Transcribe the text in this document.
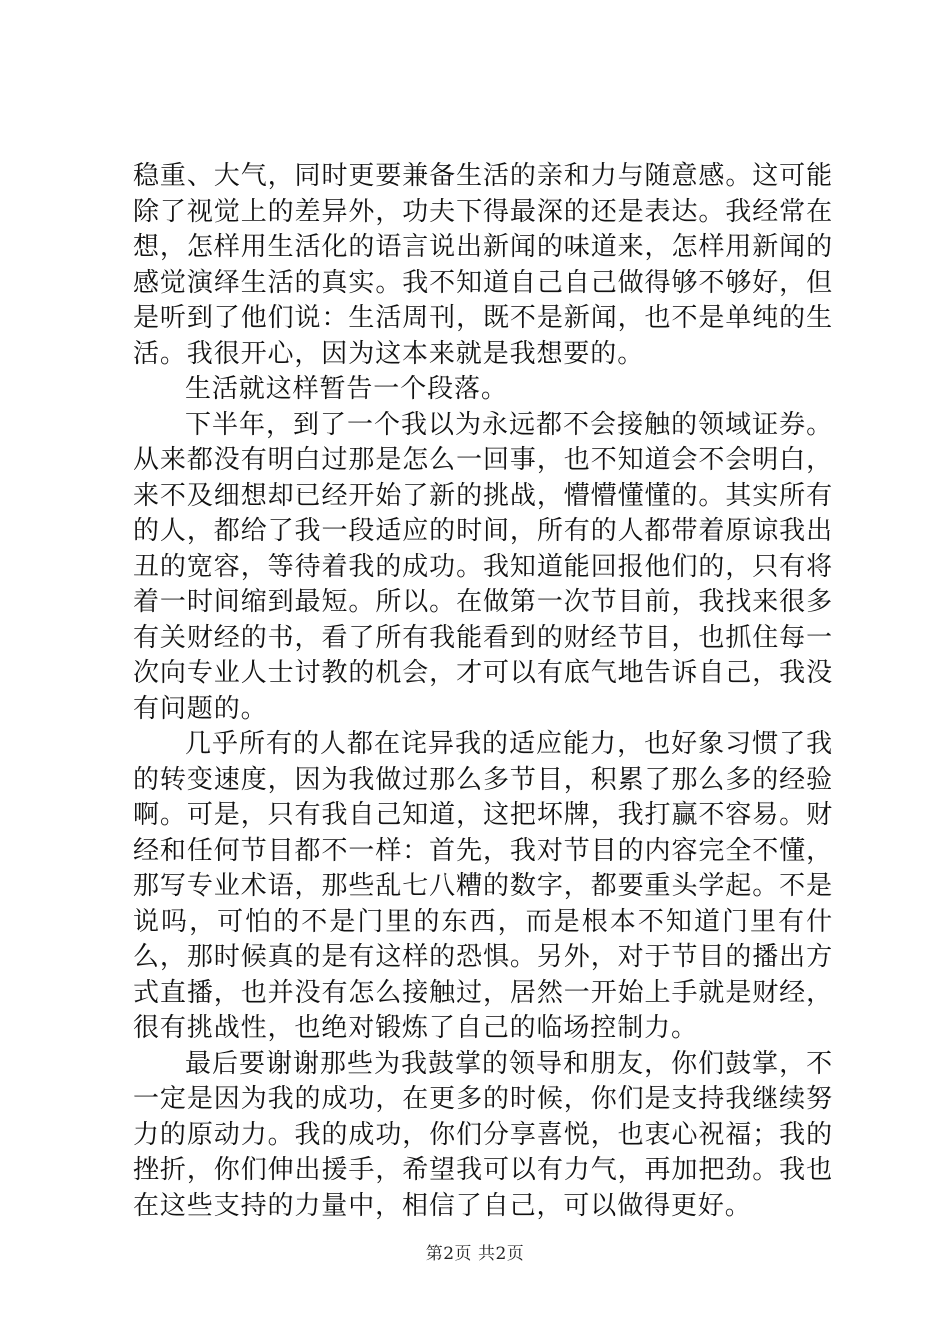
稳重、大气，同时更要兼备生活的亲和力与随意感。这可能除了视觉上的差异外，功夫下得最深的还是表达。我经常在想，怎样用生活化的语言说出新闻的味道来，怎样用新闻的感觉演绎生活的真实。我不知道自己自己做得够不够好，但是听到了他们说：生活周刊，既不是新闻，也不是单纯的生活。我很开心，因为这本来就是我想要的。

生活就这样暂告一个段落。

下半年，到了一个我以为永远都不会接触的领域证券。从来都没有明白过那是怎么一回事，也不知道会不会明白，来不及细想却已经开始了新的挑战，懵懵懂懂的。其实所有的人，都给了我一段适应的时间，所有的人都带着原谅我出丑的宽容，等待着我的成功。我知道能回报他们的，只有将着一时间缩到最短。所以。在做第一次节目前，我找来很多有关财经的书，看了所有我能看到的财经节目，也抓住每一次向专业人士讨教的机会，才可以有底气地告诉自己，我没有问题的。

几乎所有的人都在诧异我的适应能力，也好象习惯了我的转变速度，因为我做过那么多节目，积累了那么多的经验啊。可是，只有我自己知道，这把坏牌，我打赢不容易。财经和任何节目都不一样：首先，我对节目的内容完全不懂，那写专业术语，那些乱七八糟的数字，都要重头学起。不是说吗，可怕的不是门里的东西，而是根本不知道门里有什么，那时候真的是有这样的恐惧。另外，对于节目的播出方式直播，也并没有怎么接触过，居然一开始上手就是财经，很有挑战性，也绝对锻炼了自己的临场控制力。

最后要谢谢那些为我鼓掌的领导和朋友，你们鼓掌，不一定是因为我的成功，在更多的时候，你们是支持我继续努力的原动力。我的成功，你们分享喜悦，也衷心祝福；我的挫折，你们伸出援手，希望我可以有力气，再加把劲。我也在这些支持的力量中，相信了自己，可以做得更好。

第2页 共2页
